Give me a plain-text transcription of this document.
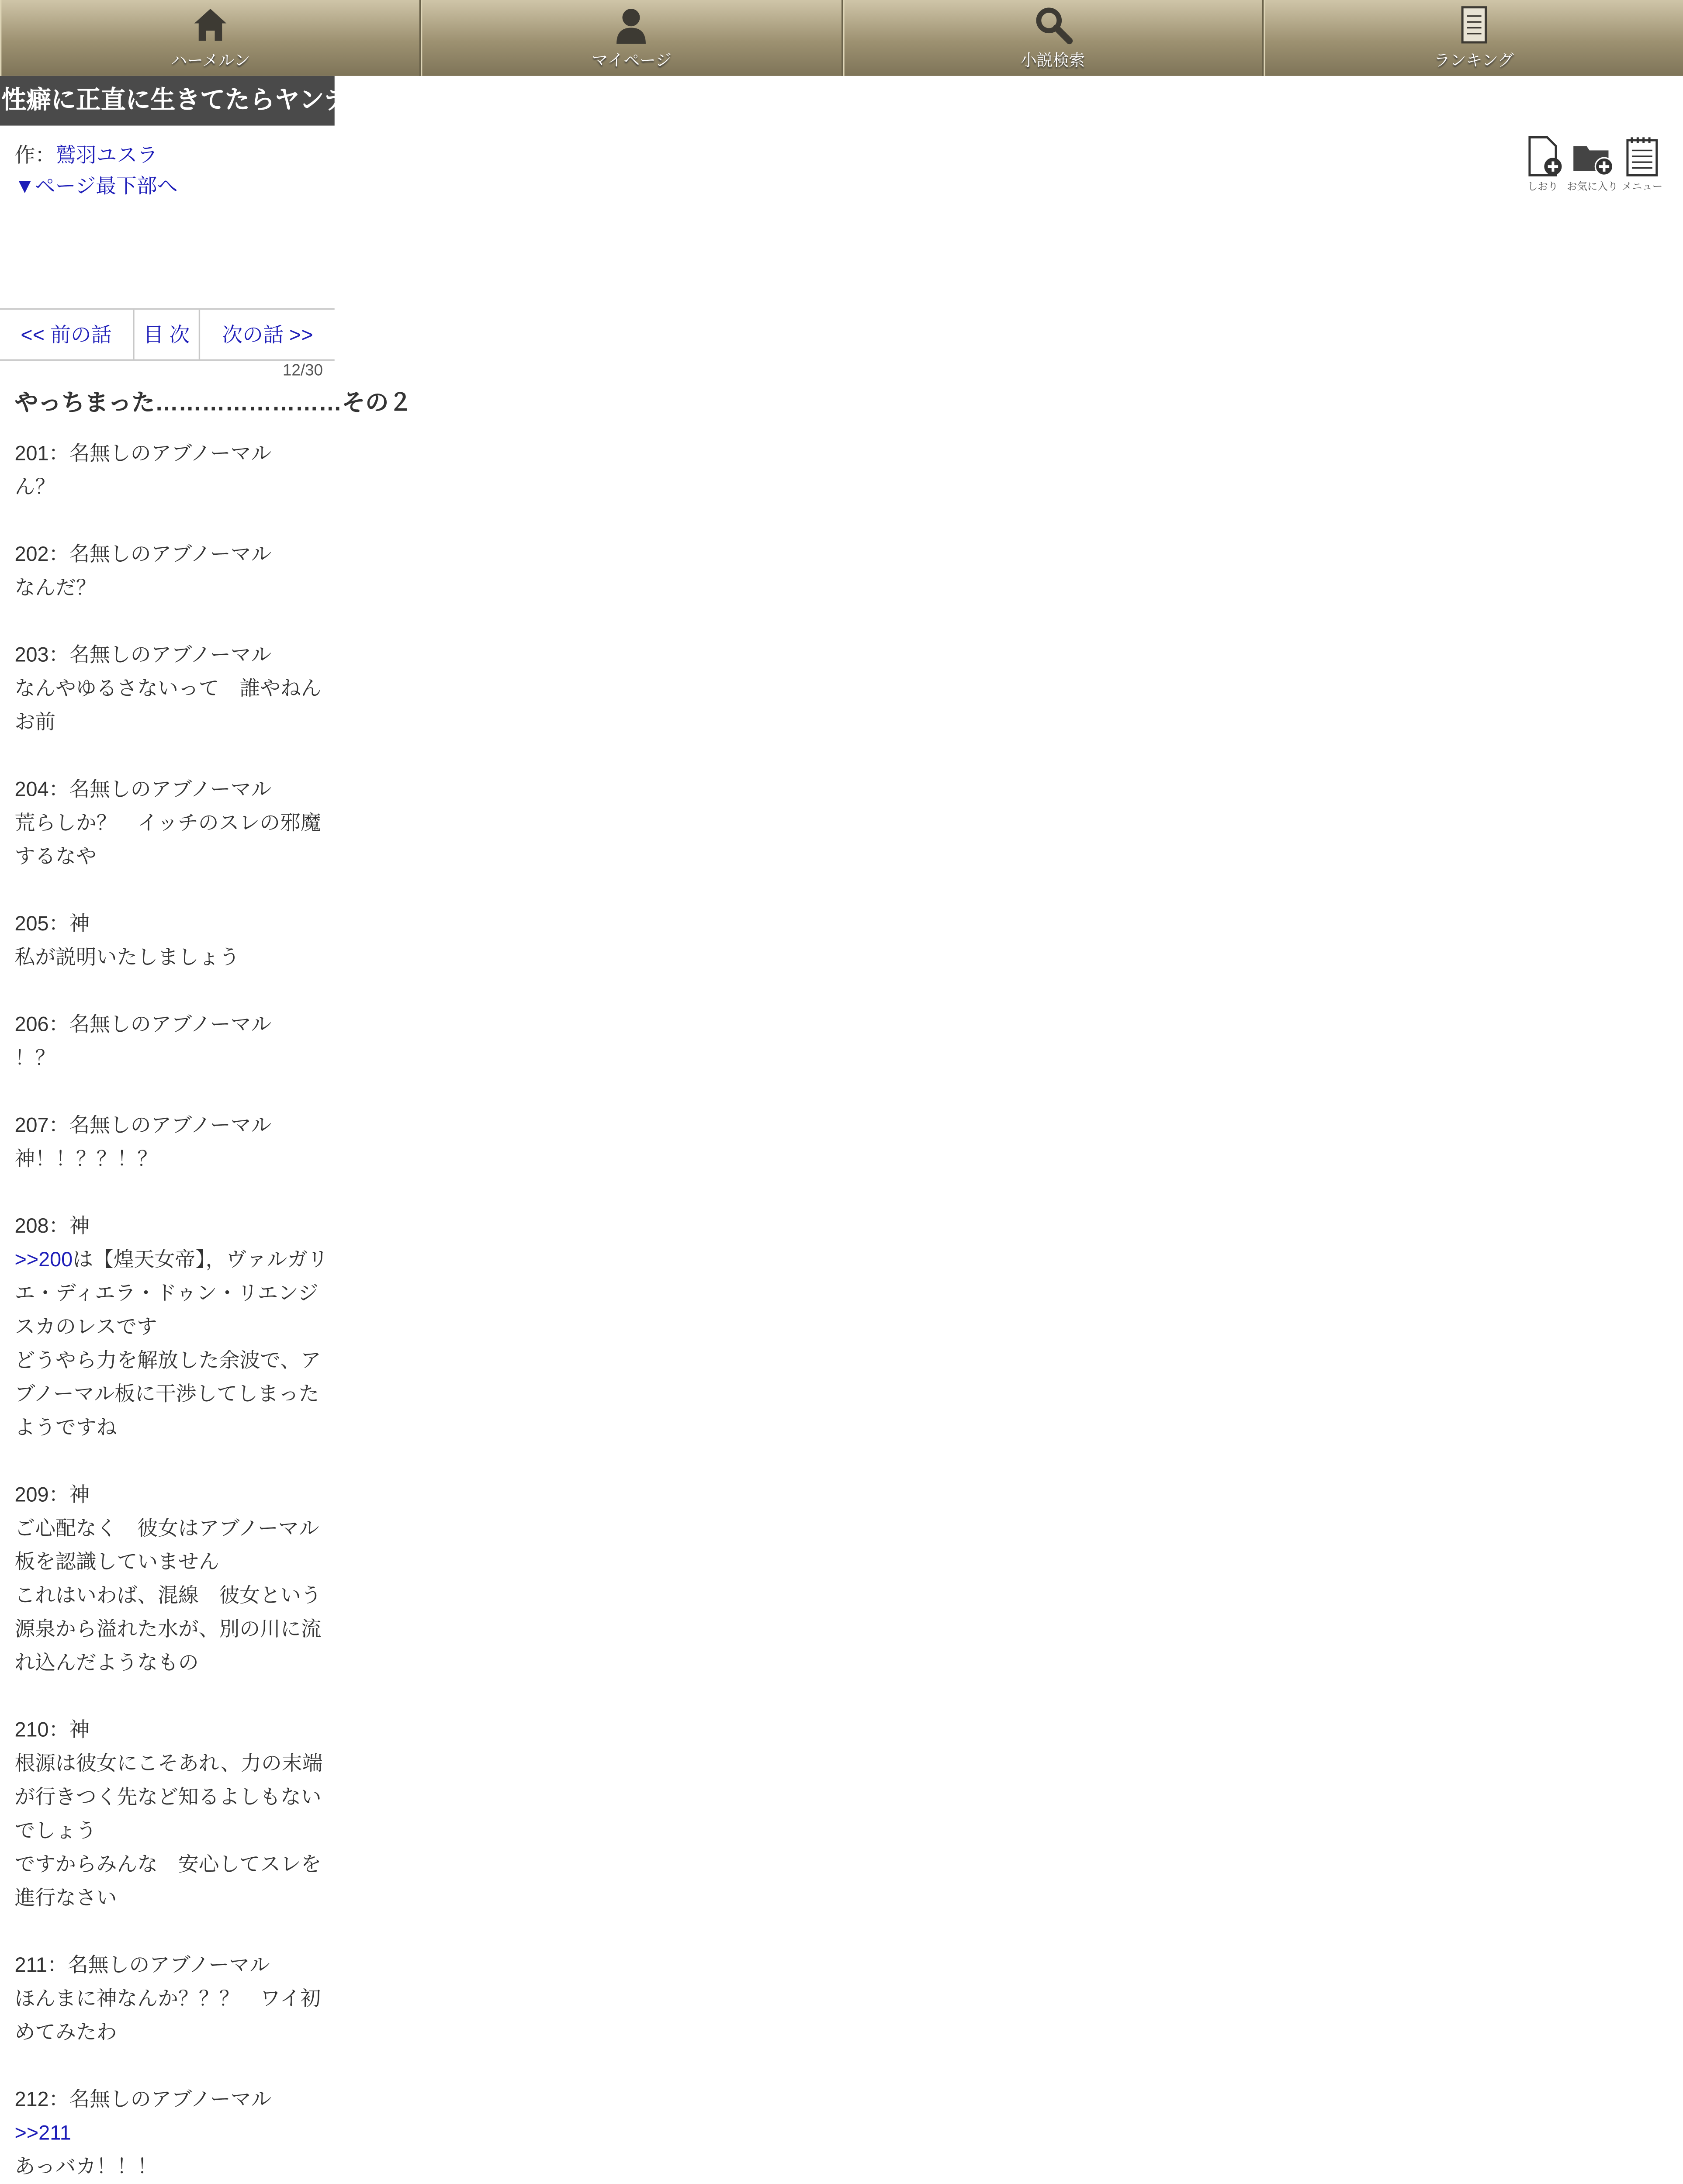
ハーメルン	マイページ	小説検索	ランキング
性癖に正直に生きてたらヤンデレに追いかけら…
作：鷲羽ユスラ
▼ページ最下部へ	しおり	お気に入り メニュー
<< 前の話	目 次	次の話 >>
12/30
やっちまった……………………その２
201：名無しのアブノーマル
ん？
202：名無しのアブノーマル
なんだ？
203：名無しのアブノーマル
なんやゆるさないって　誰やねんお前
204：名無しのアブノーマル
荒らしか？　イッチのスレの邪魔するなや
205：神
私が説明いたしましょう
206：名無しのアブノーマル
！？
207：名無しのアブノーマル
神！！？？！？
208：神
>>200は【煌天女帝】，ヴァルガリエ・ディエラ・ドゥン・リエンジスカのレスです
どうやら力を解放した余波で、アブノーマル板に干渉してしまったようですね
209：神
ご心配なく　彼女はアブノーマル板を認識していません
これはいわば、混線　彼女という源泉から溢れた水が、別の川に流れ込んだようなもの
210：神
根源は彼女にこそあれ、力の末端が行きつく先など知るよしもないでしょう
ですからみんな　安心してスレを進行なさい
211：名無しのアブノーマル
ほんまに神なんか？？？　ワイ初めてみたわ
212：名無しのアブノーマル
>>211
あっバカ！！！
